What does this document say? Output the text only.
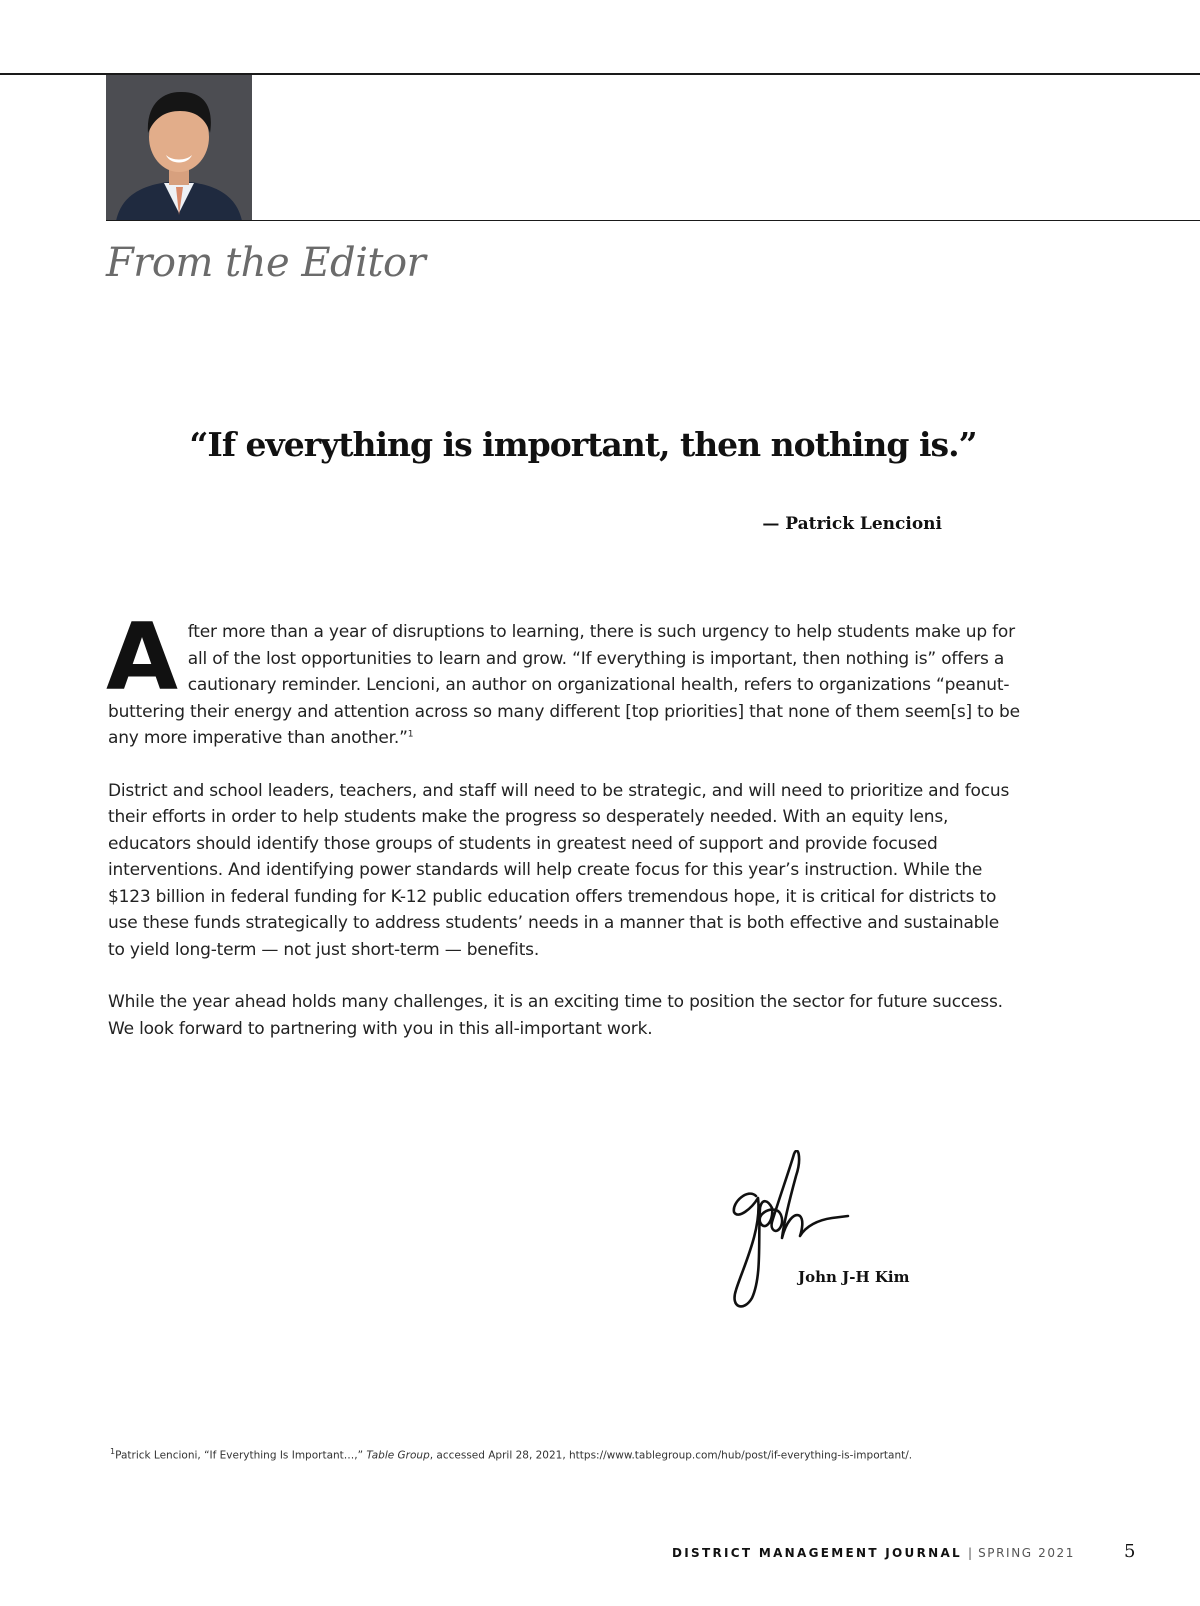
From the Editor

“If everything is important, then nothing is.”

— Patrick Lencioni

After more than a year of disruptions to learning, there is such urgency to help students make up for all of the lost opportunities to learn and grow. “If everything is important, then nothing is” offers a cautionary reminder. Lencioni, an author on organizational health, refers to organizations “peanut-buttering their energy and attention across so many different [top priorities] that none of them seem[s] to be any more imperative than another.”$^1$

District and school leaders, teachers, and staff will need to be strategic, and will need to prioritize and focus their efforts in order to help students make the progress so desperately needed. With an equity lens, educators should identify those groups of students in greatest need of support and provide focused interventions. And identifying power standards will help create focus for this year’s instruction. While the $123 billion in federal funding for K-12 public education offers tremendous hope, it is critical for districts to use these funds strategically to address students’ needs in a manner that is both effective and sustainable to yield long-term — not just short-term — benefits.

While the year ahead holds many challenges, it is an exciting time to position the sector for future success. We look forward to partnering with you in this all-important work.

John J-H Kim

$^1$Patrick Lencioni, “If Everything Is Important…,” Table Group, accessed April 28, 2021, https://www.tablegroup.com/hub/post/if-everything-is-important/.

DISTRICT MANAGEMENT JOURNAL | SPRING 2021	5
